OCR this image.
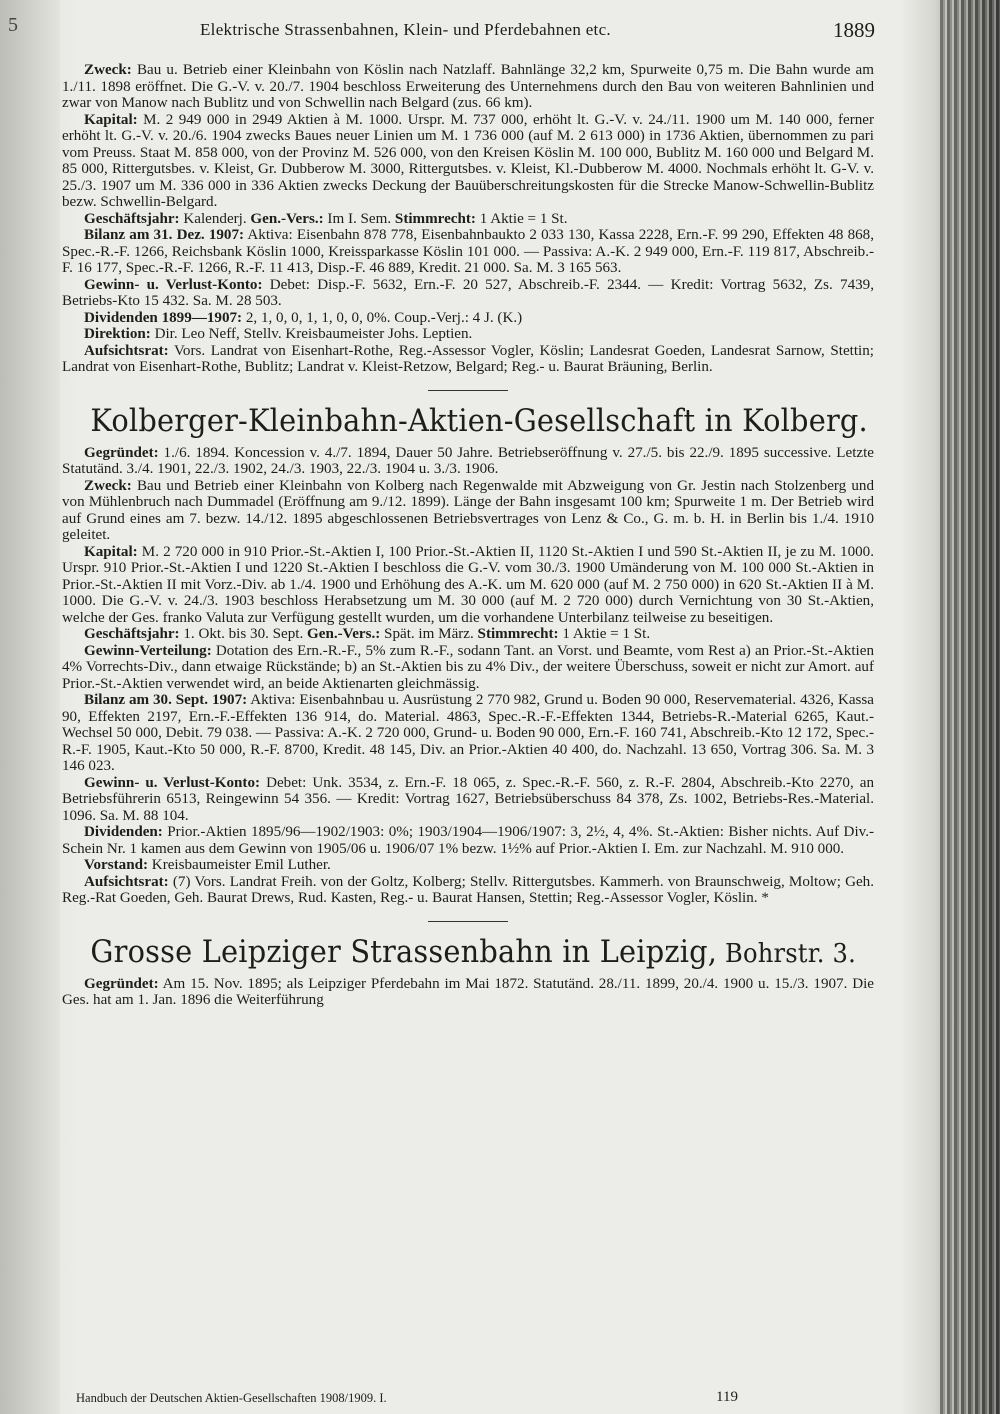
5	Elektrische Strassenbahnen, Klein- und Pferdebahnen etc.	1889

Zweck: Bau u. Betrieb einer Kleinbahn von Köslin nach Natzlaff. Bahnlänge 32,2 km, Spurweite 0,75 m. Die Bahn wurde am 1./11. 1898 eröffnet. Die G.-V. v. 20./7. 1904 beschloss Erweiterung des Unternehmens durch den Bau von weiteren Bahnlinien und zwar von Manow nach Bublitz und von Schwellin nach Belgard (zus. 66 km).

Kapital: M. 2 949 000 in 2949 Aktien à M. 1000. Urspr. M. 737 000, erhöht lt. G.-V. v. 24./11. 1900 um M. 140 000, ferner erhöht lt. G.-V. v. 20./6. 1904 zwecks Baues neuer Linien um M. 1 736 000 (auf M. 2 613 000) in 1736 Aktien, übernommen zu pari vom Preuss. Staat M. 858 000, von der Provinz M. 526 000, von den Kreisen Köslin M. 100 000, Bublitz M. 160 000 und Belgard M. 85 000, Rittergutsbes. v. Kleist, Gr. Dubberow M. 3000, Rittergutsbes. v. Kleist, Kl.-Dubberow M. 4000. Nochmals erhöht lt. G-V. v. 25./3. 1907 um M. 336 000 in 336 Aktien zwecks Deckung der Bauüberschreitungskosten für die Strecke Manow-Schwellin-Bublitz bezw. Schwellin-Belgard.

Geschäftsjahr: Kalenderj. Gen.-Vers.: Im I. Sem. Stimmrecht: 1 Aktie = 1 St.

Bilanz am 31. Dez. 1907: Aktiva: Eisenbahn 878 778, Eisenbahnbaukto 2 033 130, Kassa 2228, Ern.-F. 99 290, Effekten 48 868, Spec.-R.-F. 1266, Reichsbank Köslin 1000, Kreissparkasse Köslin 101 000. — Passiva: A.-K. 2 949 000, Ern.-F. 119 817, Abschreib.-F. 16 177, Spec.-R.-F. 1266, R.-F. 11 413, Disp.-F. 46 889, Kredit. 21 000. Sa. M. 3 165 563.

Gewinn- u. Verlust-Konto: Debet: Disp.-F. 5632, Ern.-F. 20 527, Abschreib.-F. 2344. — Kredit: Vortrag 5632, Zs. 7439, Betriebs-Kto 15 432. Sa. M. 28 503.

Dividenden 1899—1907: 2, 1, 0, 0, 1, 1, 0, 0, 0%. Coup.-Verj.: 4 J. (K.)

Direktion: Dir. Leo Neff, Stellv. Kreisbaumeister Johs. Leptien.

Aufsichtsrat: Vors. Landrat von Eisenhart-Rothe, Reg.-Assessor Vogler, Köslin; Landesrat Goeden, Landesrat Sarnow, Stettin; Landrat von Eisenhart-Rothe, Bublitz; Landrat v. Kleist-Retzow, Belgard; Reg.- u. Baurat Bräuning, Berlin.

Kolberger-Kleinbahn-Aktien-Gesellschaft in Kolberg.

Gegründet: 1./6. 1894. Koncession v. 4./7. 1894, Dauer 50 Jahre. Betriebseröffnung v. 27./5. bis 22./9. 1895 successive. Letzte Statutänd. 3./4. 1901, 22./3. 1902, 24./3. 1903, 22./3. 1904 u. 3./3. 1906.

Zweck: Bau und Betrieb einer Kleinbahn von Kolberg nach Regenwalde mit Abzweigung von Gr. Jestin nach Stolzenberg und von Mühlenbruch nach Dummadel (Eröffnung am 9./12. 1899). Länge der Bahn insgesamt 100 km; Spurweite 1 m. Der Betrieb wird auf Grund eines am 7. bezw. 14./12. 1895 abgeschlossenen Betriebsvertrages von Lenz & Co., G. m. b. H. in Berlin bis 1./4. 1910 geleitet.

Kapital: M. 2 720 000 in 910 Prior.-St.-Aktien I, 100 Prior.-St.-Aktien II, 1120 St.-Aktien I und 590 St.-Aktien II, je zu M. 1000. Urspr. 910 Prior.-St.-Aktien I und 1220 St.-Aktien I beschloss die G.-V. vom 30./3. 1900 Umänderung von M. 100 000 St.-Aktien in Prior.-St.-Aktien II mit Vorz.-Div. ab 1./4. 1900 und Erhöhung des A.-K. um M. 620 000 (auf M. 2 750 000) in 620 St.-Aktien II à M. 1000. Die G.-V. v. 24./3. 1903 beschloss Herabsetzung um M. 30 000 (auf M. 2 720 000) durch Vernichtung von 30 St.-Aktien, welche der Ges. franko Valuta zur Verfügung gestellt wurden, um die vorhandene Unterbilanz teilweise zu beseitigen.

Geschäftsjahr: 1. Okt. bis 30. Sept. Gen.-Vers.: Spät. im März. Stimmrecht: 1 Aktie = 1 St.

Gewinn-Verteilung: Dotation des Ern.-R.-F., 5% zum R.-F., sodann Tant. an Vorst. und Beamte, vom Rest a) an Prior.-St.-Aktien 4% Vorrechts-Div., dann etwaige Rückstände; b) an St.-Aktien bis zu 4% Div., der weitere Überschuss, soweit er nicht zur Amort. auf Prior.-St.-Aktien verwendet wird, an beide Aktienarten gleichmässig.

Bilanz am 30. Sept. 1907: Aktiva: Eisenbahnbau u. Ausrüstung 2 770 982, Grund u. Boden 90 000, Reservematerial. 4326, Kassa 90, Effekten 2197, Ern.-F.-Effekten 136 914, do. Material. 4863, Spec.-R.-F.-Effekten 1344, Betriebs-R.-Material 6265, Kaut.-Wechsel 50 000, Debit. 79 038. — Passiva: A.-K. 2 720 000, Grund- u. Boden 90 000, Ern.-F. 160 741, Abschreib.-Kto 12 172, Spec.-R.-F. 1905, Kaut.-Kto 50 000, R.-F. 8700, Kredit. 48 145, Div. an Prior.-Aktien 40 400, do. Nachzahl. 13 650, Vortrag 306. Sa. M. 3 146 023.

Gewinn- u. Verlust-Konto: Debet: Unk. 3534, z. Ern.-F. 18 065, z. Spec.-R.-F. 560, z. R.-F. 2804, Abschreib.-Kto 2270, an Betriebsführerin 6513, Reingewinn 54 356. — Kredit: Vortrag 1627, Betriebsüberschuss 84 378, Zs. 1002, Betriebs-Res.-Material. 1096. Sa. M. 88 104.

Dividenden: Prior.-Aktien 1895/96—1902/1903: 0%; 1903/1904—1906/1907: 3, 2½, 4, 4%. St.-Aktien: Bisher nichts. Auf Div.-Schein Nr. 1 kamen aus dem Gewinn von 1905/06 u. 1906/07 1% bezw. 1½% auf Prior.-Aktien I. Em. zur Nachzahl. M. 910 000.

Vorstand: Kreisbaumeister Emil Luther.

Aufsichtsrat: (7) Vors. Landrat Freih. von der Goltz, Kolberg; Stellv. Rittergutsbes. Kammerh. von Braunschweig, Moltow; Geh. Reg.-Rat Goeden, Geh. Baurat Drews, Rud. Kasten, Reg.- u. Baurat Hansen, Stettin; Reg.-Assessor Vogler, Köslin. *

Grosse Leipziger Strassenbahn in Leipzig, Bohrstr. 3.

Gegründet: Am 15. Nov. 1895; als Leipziger Pferdebahn im Mai 1872. Statutänd. 28./11. 1899, 20./4. 1900 u. 15./3. 1907. Die Ges. hat am 1. Jan. 1896 die Weiterführung

Handbuch der Deutschen Aktien-Gesellschaften 1908/1909. I.	119
